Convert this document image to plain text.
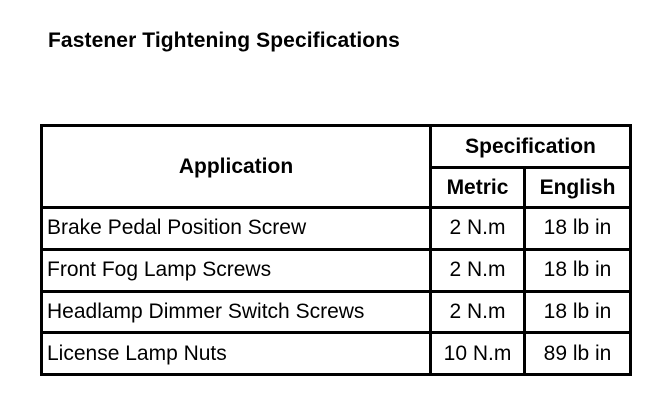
Fastener Tightening Specifications
Application	Specification	
	Metric	English
Brake Pedal Position Screw	2 N.m	18 lb in
Front Fog Lamp Screws	2 N.m	18 lb in
Headlamp Dimmer Switch Screws	2 N.m	18 lb in
License Lamp Nuts	10 N.m	89 lb in
